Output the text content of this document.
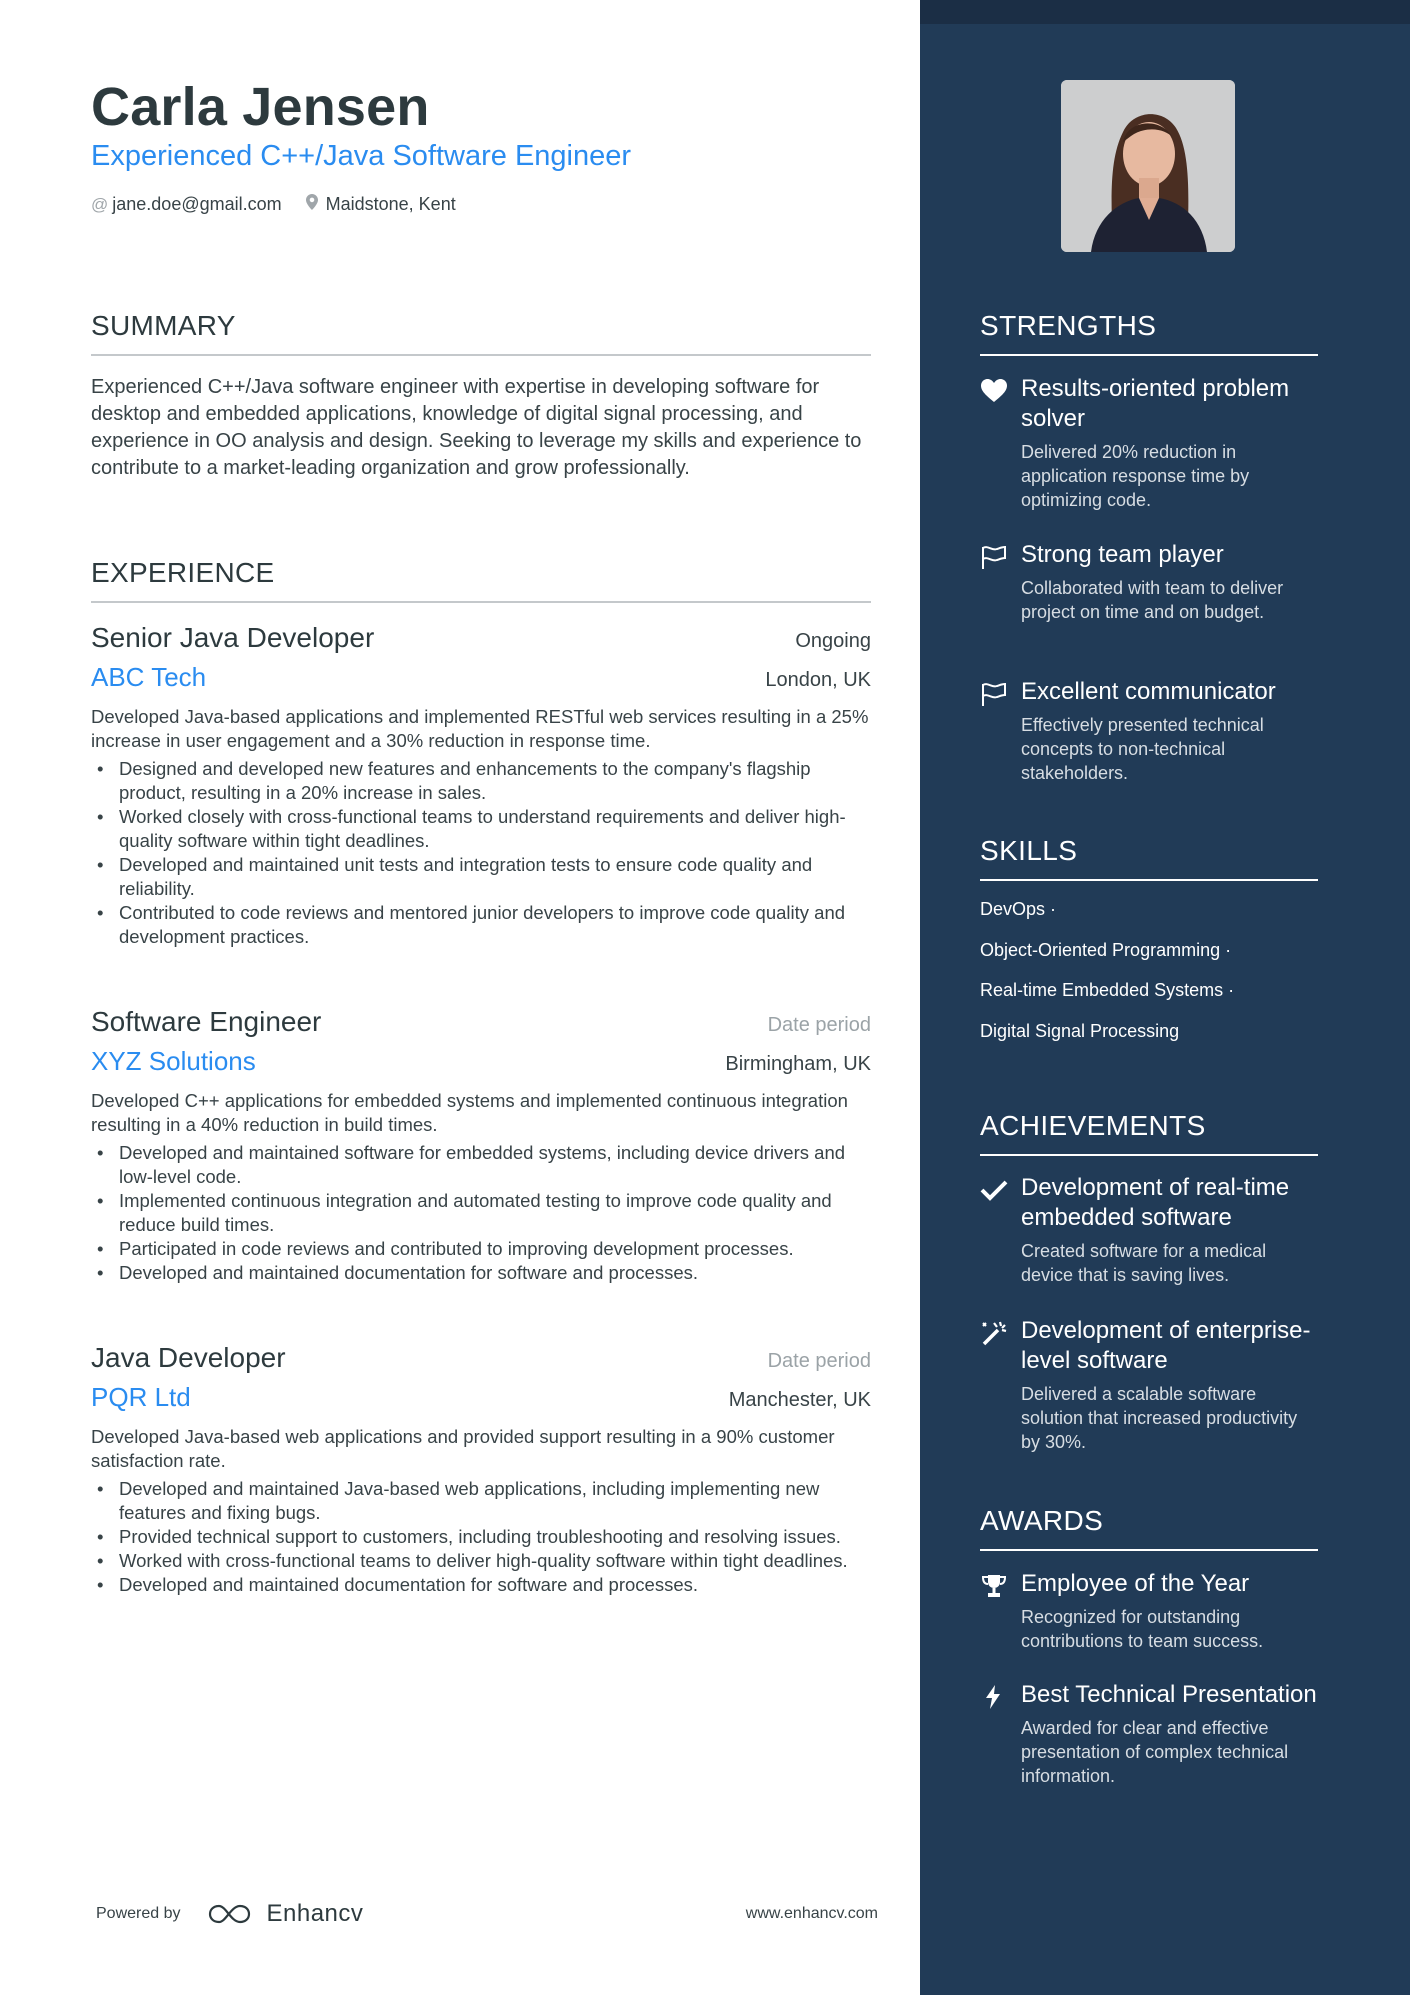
Carla Jensen
Experienced C++/Java Software Engineer
@ jane.doe@gmail.com Maidstone, Kent
SUMMARY
Experienced C++/Java software engineer with expertise in developing software for desktop and embedded applications, knowledge of digital signal processing, and experience in OO analysis and design. Seeking to leverage my skills and experience to contribute to a market-leading organization and grow professionally.
EXPERIENCE
Senior Java Developer	Ongoing
ABC Tech	London, UK
Developed Java-based applications and implemented RESTful web services resulting in a 25% increase in user engagement and a 30% reduction in response time.
• Designed and developed new features and enhancements to the company's flagship product, resulting in a 20% increase in sales.
• Worked closely with cross-functional teams to understand requirements and deliver high-quality software within tight deadlines.
• Developed and maintained unit tests and integration tests to ensure code quality and reliability.
• Contributed to code reviews and mentored junior developers to improve code quality and development practices.
Software Engineer	Date period
XYZ Solutions	Birmingham, UK
Developed C++ applications for embedded systems and implemented continuous integration resulting in a 40% reduction in build times.
• Developed and maintained software for embedded systems, including device drivers and low-level code.
• Implemented continuous integration and automated testing to improve code quality and reduce build times.
• Participated in code reviews and contributed to improving development processes.
• Developed and maintained documentation for software and processes.
Java Developer	Date period
PQR Ltd	Manchester, UK
Developed Java-based web applications and provided support resulting in a 90% customer satisfaction rate.
• Developed and maintained Java-based web applications, including implementing new features and fixing bugs.
• Provided technical support to customers, including troubleshooting and resolving issues.
• Worked with cross-functional teams to deliver high-quality software within tight deadlines.
• Developed and maintained documentation for software and processes.
Powered by	Enhancv	www.enhancv.com
STRENGTHS
Results-oriented problem solver
Delivered 20% reduction in application response time by optimizing code.
Strong team player
Collaborated with team to deliver project on time and on budget.
Excellent communicator
Effectively presented technical concepts to non-technical stakeholders.
SKILLS
DevOps ·
Object-Oriented Programming ·
Real-time Embedded Systems ·
Digital Signal Processing
ACHIEVEMENTS
Development of real-time embedded software
Created software for a medical device that is saving lives.
Development of enterprise-level software
Delivered a scalable software solution that increased productivity by 30%.
AWARDS
Employee of the Year
Recognized for outstanding contributions to team success.
Best Technical Presentation
Awarded for clear and effective presentation of complex technical information.
